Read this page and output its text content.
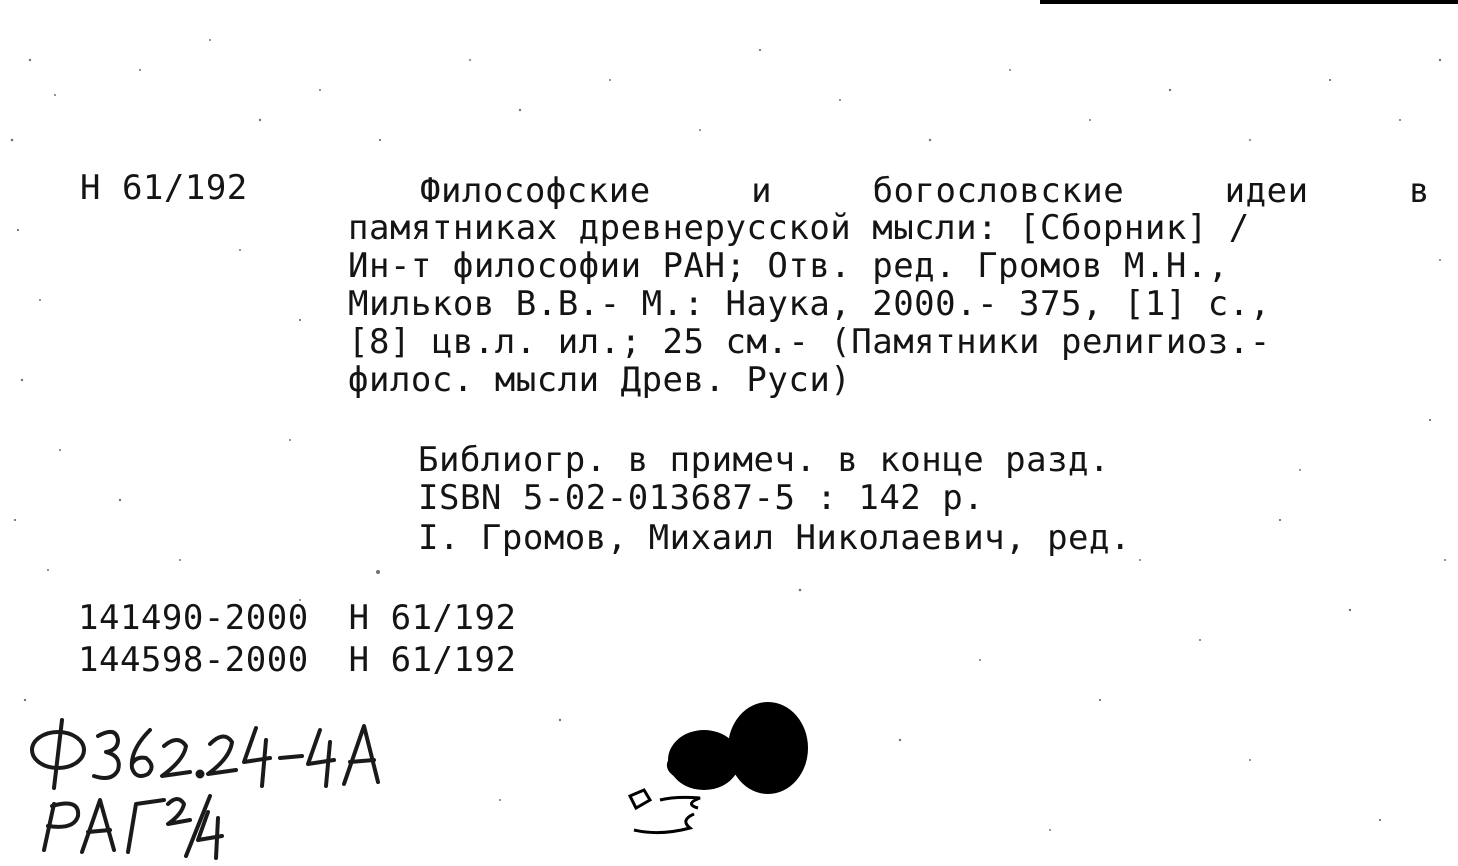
Н 61/192	Философские	и	богословские	идеи	в
памятниках древнерусской мысли: [Сборник] /
Ин-т философии РАН; Отв. ред. Громов М.Н.,
Мильков В.В.- М.: Наука, 2000.- 375, [1] с.,
[8] цв.л. ил.; 25 см.- (Памятники религиоз.-
филос. мысли Древ. Руси)
Библиогр. в примеч. в конце разд.
ISBN 5-02-013687-5 : 142 р.
I. Громов, Михаил Николаевич, ред.
141490-2000 Н 61/192
144598-2000 Н 61/192
